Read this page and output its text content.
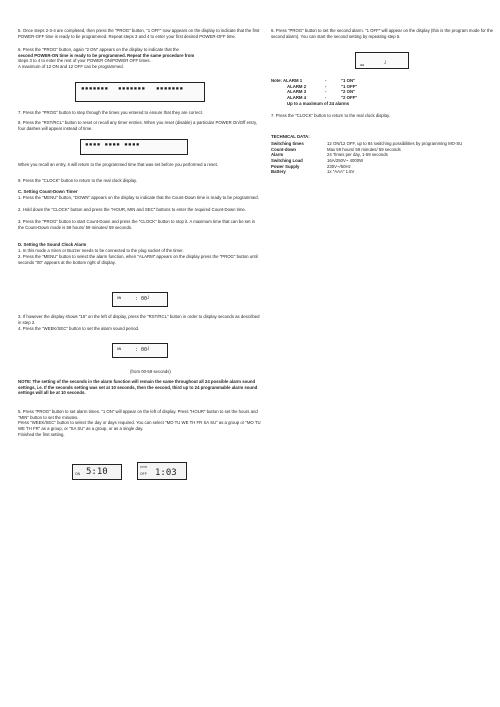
5. Once steps 2-3-4 are completed, then press the "PROG" button, "1 OFF" now appears on the display to indicate that the first POWER-OFF time is ready to be programmed. Repeat steps 3 and 4 to enter your first desired POWER-OFF time.

6. Press the "PROG" button, again "2 ON" appears on the display to indicate that the
second POWER-ON time is ready to be programmed. Repeat the same procedure from
steps 3 to 4 to enter the rest of your POWER ON/POWER OFF times.
A maximum of 12 ON and 12 OFF can be programmed.

▪▪▪▪▪▪▪ ▪▪▪▪▪▪▪ ▪▪▪▪▪▪▪

7. Press the "PROG" button to step through the times you entered to ensure that they are correct.

8. Press the "RST/RCL" button to reset or recall any timer entries. When you reset (disable) a particular POWER On/Off entry, four dashes will appear instead of time.

▪▪▪▪ ▪▪▪▪ ▪▪▪▪

When you recall an entry, it will return to the programmed time that was set before you performed a reset.

9. Press the "CLOCK" button to return to the real clock display.

C. Setting Count-Down Timer

1. Press the "MENU" button, "DOWN" appears on the display to indicate that the Count-Down time is ready to be programmed.

2. Hold down the "CLOCK" button and press the "HOUR, MIN and SEC" buttons to enter the required Count-Down time.

3. Press the "PROG" button to start Count-Down and press the "CLOCK" button to stop it. A maximum time that can be set in the Count-Down mode is 59 hours/ 59 minutes/ 59 seconds.

D. Setting the Sound Clock Alarm

1. In this mode a Siren or Buzzer needs to be connected to the plug socket of the timer.

2. Press the "MENU" button to select the alarm function, when "ALARM" appears on the display press the "PROG" button until seconds "00" appears at the bottom right of display.

ON	: 00┘

3. If however the display shows "15" on the left of display, press the "RST/RCL" button in order to display seconds as described in step 2.

4. Press the "WEEK/SEC" button to set the alarm sound period.

ON	: 00┘

(from 00-59 seconds)

NOTE: The setting of the seconds in the alarm function will remain the same throughout all 24 possible alarm sound settings, i.e. If the seconds setting was set at 10 seconds, then the second, third up to 24 programmable alarm sound settings will all be at 10 seconds.

5. Press "PROG" button to set alarm times. "1 ON" will appear on the left of display. Press "HOUR" button to set the hours and "MIN" button to set the minutes.
Press "WEEK/SEC" button to select the day or days required. You can select "MO TU WE TH FR SA SU" as a group or "MO TU WE TH FR" as a group, or "SA SU" as a group, or as a single day.
Finished the first setting.

ON 5:10	▪▪▪▪▪▪
OFF 1:03

6. Press "PROG" button to set the second alarm. "1 OFF" will appear on the display (this is the program mode for the second alarm). You can start the second setting by repeating step 5.

▪▪	┘
Note: ALARM 1	-	"1 ON"
ALARM 2	-	"1 OFF"
ALARM 3	-	"2 ON"
ALARM 4	-	"2 OFF"
Up to a maximum of 24 alarms

7. Press the "CLOCK" button to return to the real clock display.

TECHNICAL DATA:

Switching times	12 ON/12 OFF, up to 84 switching possibilities by programming MO-SU
Count-down	Max 59 hours/ 59 minutes/ 59 seconds
Alarm	24 Times per day, 1-59 seconds
Switching Load	16A/250V~ 4000W
Power Supply	230V~/50Hz
Battery	1x "AAA" 1.5V
